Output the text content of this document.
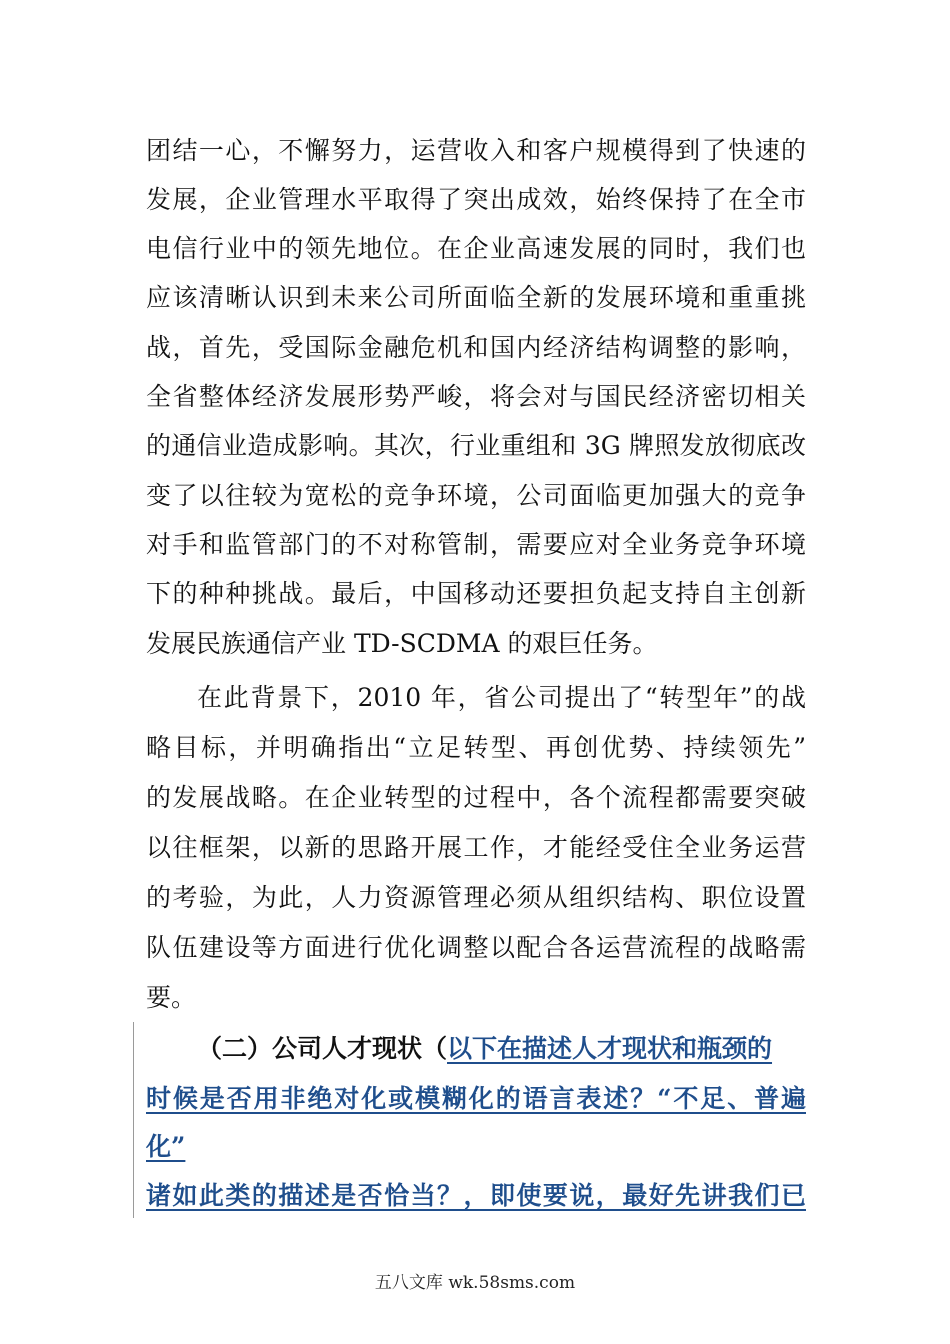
团结一心，不懈努力，运营收入和客户规模得到了快速的
发展，企业管理水平取得了突出成效，始终保持了在全市
电信行业中的领先地位。在企业高速发展的同时，我们也
应该清晰认识到未来公司所面临全新的发展环境和重重挑
战，首先，受国际金融危机和国内经济结构调整的影响，
全省整体经济发展形势严峻，将会对与国民经济密切相关
的通信业造成影响。其次，行业重组和 3G 牌照发放彻底改
变了以往较为宽松的竞争环境，公司面临更加强大的竞争
对手和监管部门的不对称管制，需要应对全业务竞争环境
下的种种挑战。最后，中国移动还要担负起支持自主创新
发展民族通信产业 TD-SCDMA 的艰巨任务。
在此背景下，2010 年，省公司提出了“转型年”的战
略目标，并明确指出“立足转型、再创优势、持续领先”
的发展战略。在企业转型的过程中，各个流程都需要突破
以往框架，以新的思路开展工作，才能经受住全业务运营
的考验，为此，人力资源管理必须从组织结构、职位设置
队伍建设等方面进行优化调整以配合各运营流程的战略需
要。
（二）公司人才现状（以下在描述人才现状和瓶颈的
时候是否用非绝对化或模糊化的语言表述？“不足、普遍
化”
诸如此类的描述是否恰当？，即使要说，最好先讲我们已
五八文库 wk.58sms.com
